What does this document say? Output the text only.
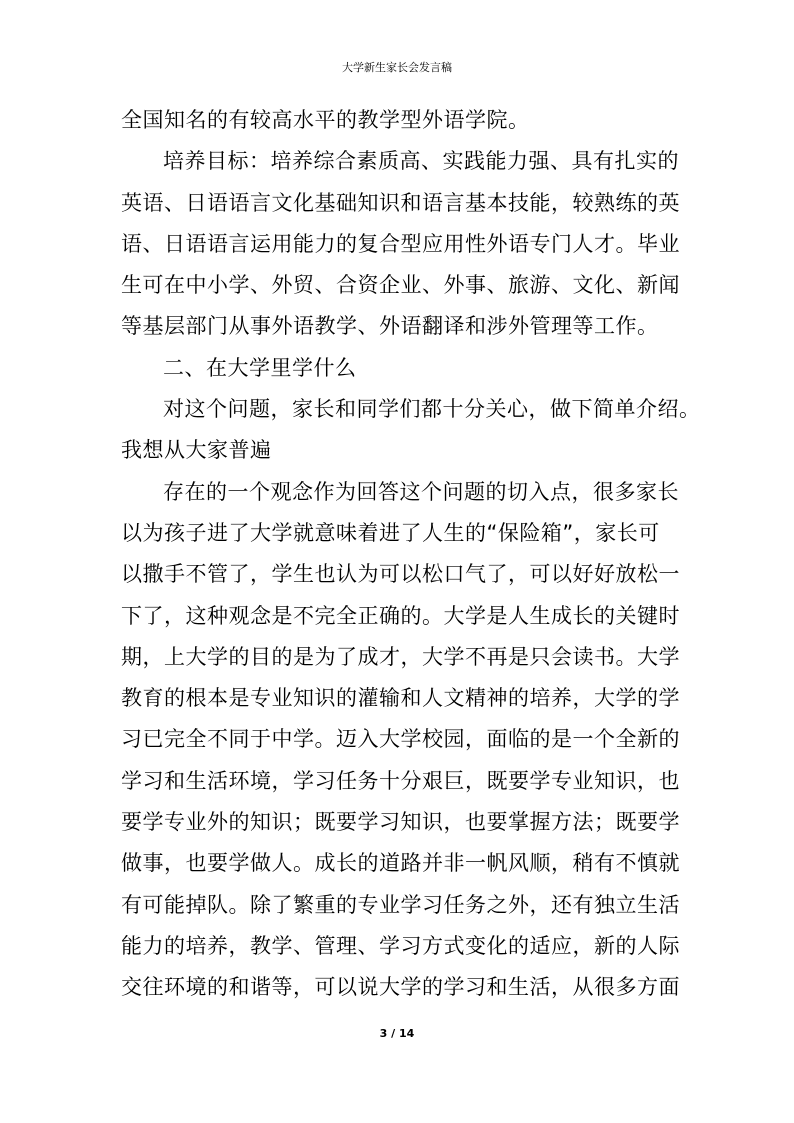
大学新生家长会发言稿
全国知名的有较高水平的教学型外语学院。
培养目标：培养综合素质高、实践能力强、具有扎实的
英语、日语语言文化基础知识和语言基本技能，较熟练的英
语、日语语言运用能力的复合型应用性外语专门人才。毕业
生可在中小学、外贸、合资企业、外事、旅游、文化、新闻
等基层部门从事外语教学、外语翻译和涉外管理等工作。
二、在大学里学什么
对这个问题，家长和同学们都十分关心，做下简单介绍。
我想从大家普遍
存在的一个观念作为回答这个问题的切入点，很多家长
以为孩子进了大学就意味着进了人生的“保险箱”，家长可
以撒手不管了，学生也认为可以松口气了，可以好好放松一
下了，这种观念是不完全正确的。大学是人生成长的关键时
期，上大学的目的是为了成才，大学不再是只会读书。大学
教育的根本是专业知识的灌输和人文精神的培养，大学的学
习已完全不同于中学。迈入大学校园，面临的是一个全新的
学习和生活环境，学习任务十分艰巨，既要学专业知识，也
要学专业外的知识；既要学习知识，也要掌握方法；既要学
做事，也要学做人。成长的道路并非一帆风顺，稍有不慎就
有可能掉队。除了繁重的专业学习任务之外，还有独立生活
能力的培养，教学、管理、学习方式变化的适应，新的人际
交往环境的和谐等，可以说大学的学习和生活，从很多方面
3 / 14
